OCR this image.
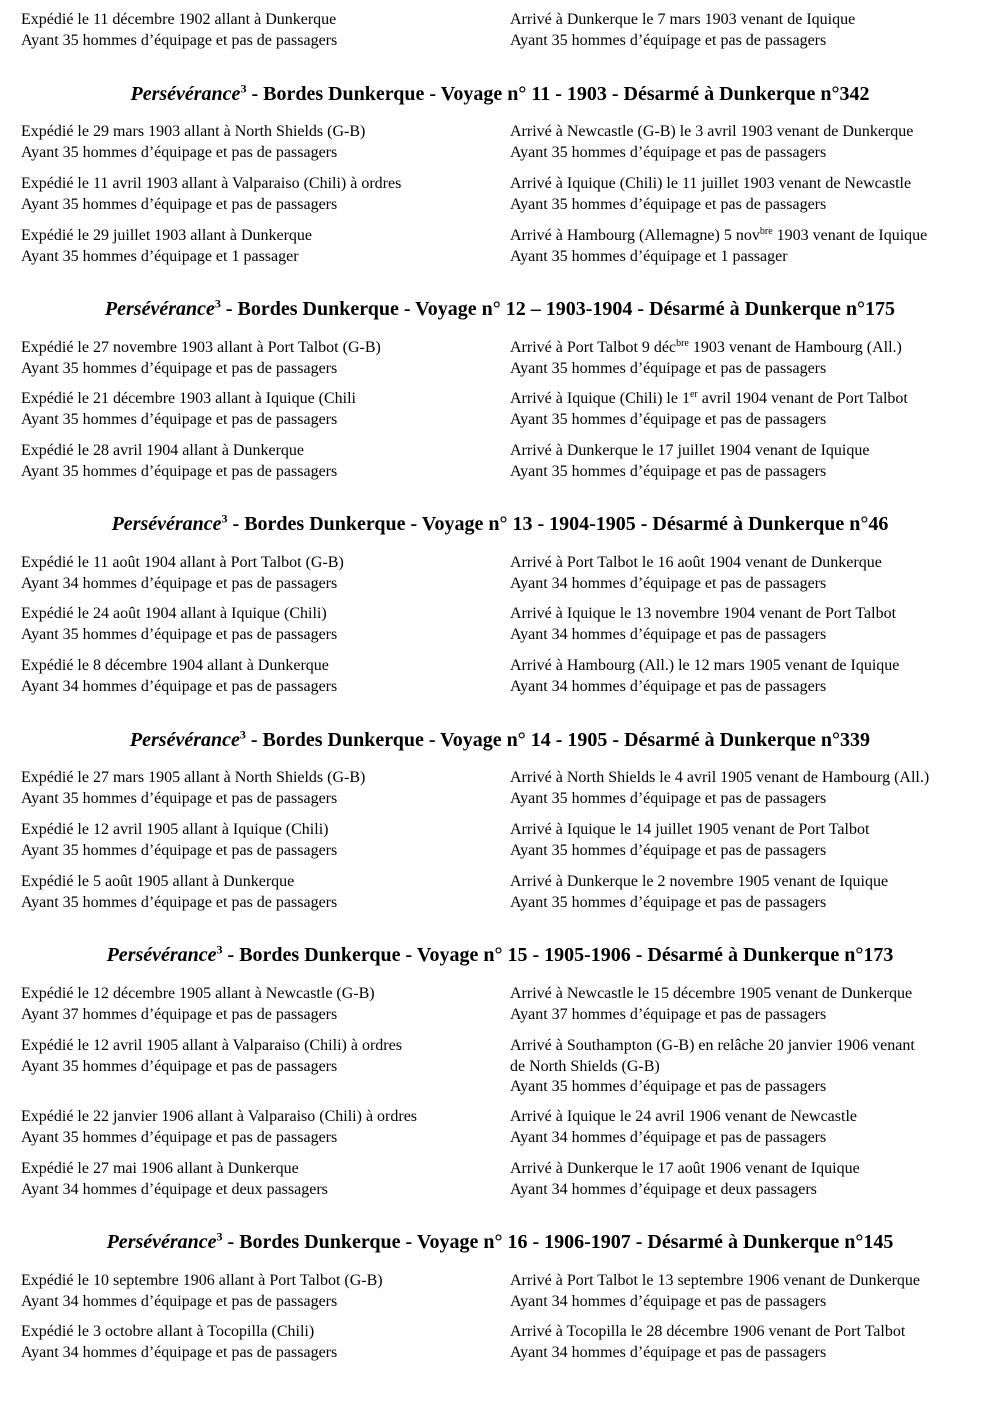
Expédié le 11 décembre 1902 allant à Dunkerque
Ayant 35 hommes d’équipage et pas de passagers
Arrivé à Dunkerque le 7 mars 1903 venant de Iquique
Ayant 35 hommes d’équipage et pas de passagers
Persévérance$^3$ - Bordes Dunkerque - Voyage n° 11 - 1903 - Désarmé à Dunkerque n°342
Expédié le 29 mars 1903 allant à North Shields (G-B)
Ayant 35 hommes d’équipage et pas de passagers
Arrivé à Newcastle (G-B) le 3 avril 1903 venant de Dunkerque
Ayant 35 hommes d’équipage et pas de passagers
Expédié le 11 avril 1903 allant à Valparaiso (Chili) à ordres
Ayant 35 hommes d’équipage et pas de passagers
Arrivé à Iquique (Chili) le 11 juillet 1903 venant de Newcastle
Ayant 35 hommes d’équipage et pas de passagers
Expédié le 29 juillet 1903 allant à Dunkerque
Ayant 35 hommes d’équipage et 1 passager
Arrivé à Hambourg (Allemagne) 5 nov$^{bre}$ 1903 venant de Iquique
Ayant 35 hommes d’équipage et 1 passager
Persévérance$^3$ - Bordes Dunkerque - Voyage n° 12 – 1903-1904 - Désarmé à Dunkerque n°175
Expédié le 27 novembre 1903 allant à Port Talbot (G-B)
Ayant 35 hommes d’équipage et pas de passagers
Arrivé à Port Talbot 9 déc$^{bre}$ 1903 venant de Hambourg (All.)
Ayant 35 hommes d’équipage et pas de passagers
Expédié le 21 décembre 1903 allant à Iquique (Chili
Ayant 35 hommes d’équipage et pas de passagers
Arrivé à Iquique (Chili) le 1er avril 1904 venant de Port Talbot
Ayant 35 hommes d’équipage et pas de passagers
Expédié le 28 avril 1904 allant à Dunkerque
Ayant 35 hommes d’équipage et pas de passagers
Arrivé à Dunkerque le 17 juillet 1904 venant de Iquique
Ayant 35 hommes d’équipage et pas de passagers
Persévérance$^3$ - Bordes Dunkerque - Voyage n° 13 - 1904-1905 - Désarmé à Dunkerque n°46
Expédié le 11 août 1904 allant à Port Talbot (G-B)
Ayant 34 hommes d’équipage et pas de passagers
Arrivé à Port Talbot le 16 août 1904 venant de Dunkerque
Ayant 34 hommes d’équipage et pas de passagers
Expédié le 24 août 1904 allant à Iquique (Chili)
Ayant 35 hommes d’équipage et pas de passagers
Arrivé à Iquique le 13 novembre 1904 venant de Port Talbot
Ayant 34 hommes d’équipage et pas de passagers
Expédié le 8 décembre 1904 allant à Dunkerque
Ayant 34 hommes d’équipage et pas de passagers
Arrivé à Hambourg (All.) le 12 mars 1905 venant de Iquique
Ayant 34 hommes d’équipage et pas de passagers
Persévérance$^3$ - Bordes Dunkerque - Voyage n° 14 - 1905 - Désarmé à Dunkerque n°339
Expédié le 27 mars 1905 allant à North Shields (G-B)
Ayant 35 hommes d’équipage et pas de passagers
Arrivé à North Shields le 4 avril 1905 venant de Hambourg (All.)
Ayant 35 hommes d’équipage et pas de passagers
Expédié le 12 avril 1905 allant à Iquique (Chili)
Ayant 35 hommes d’équipage et pas de passagers
Arrivé à Iquique le 14 juillet 1905 venant de Port Talbot
Ayant 35 hommes d’équipage et pas de passagers
Expédié le 5 août 1905 allant à Dunkerque
Ayant 35 hommes d’équipage et pas de passagers
Arrivé à Dunkerque le 2 novembre 1905 venant de Iquique
Ayant 35 hommes d’équipage et pas de passagers
Persévérance$^3$ - Bordes Dunkerque - Voyage n° 15 - 1905-1906 - Désarmé à Dunkerque n°173
Expédié le 12 décembre 1905 allant à Newcastle (G-B)
Ayant 37 hommes d’équipage et pas de passagers
Arrivé à Newcastle le 15 décembre 1905 venant de Dunkerque
Ayant 37 hommes d’équipage et pas de passagers
Expédié le 12 avril 1905 allant à Valparaiso (Chili) à ordres
Ayant 35 hommes d’équipage et pas de passagers
Arrivé à Southampton (G-B) en relâche 20 janvier 1906 venant
de North Shields (G-B)
Ayant 35 hommes d’équipage et pas de passagers
Expédié le 22 janvier 1906 allant à Valparaiso (Chili) à ordres
Ayant 35 hommes d’équipage et pas de passagers
Arrivé à Iquique le 24 avril 1906 venant de Newcastle
Ayant 34 hommes d’équipage et pas de passagers
Expédié le 27 mai 1906 allant à Dunkerque
Ayant 34 hommes d’équipage et deux passagers
Arrivé à Dunkerque le 17 août 1906 venant de Iquique
Ayant 34 hommes d’équipage et deux passagers
Persévérance$^3$ - Bordes Dunkerque - Voyage n° 16 - 1906-1907 - Désarmé à Dunkerque n°145
Expédié le 10 septembre 1906 allant à Port Talbot (G-B)
Ayant 34 hommes d’équipage et pas de passagers
Arrivé à Port Talbot le 13 septembre 1906 venant de Dunkerque
Ayant 34 hommes d’équipage et pas de passagers
Expédié le 3 octobre allant à Tocopilla (Chili)
Ayant 34 hommes d’équipage et pas de passagers
Arrivé à Tocopilla le 28 décembre 1906 venant de Port Talbot
Ayant 34 hommes d’équipage et pas de passagers
